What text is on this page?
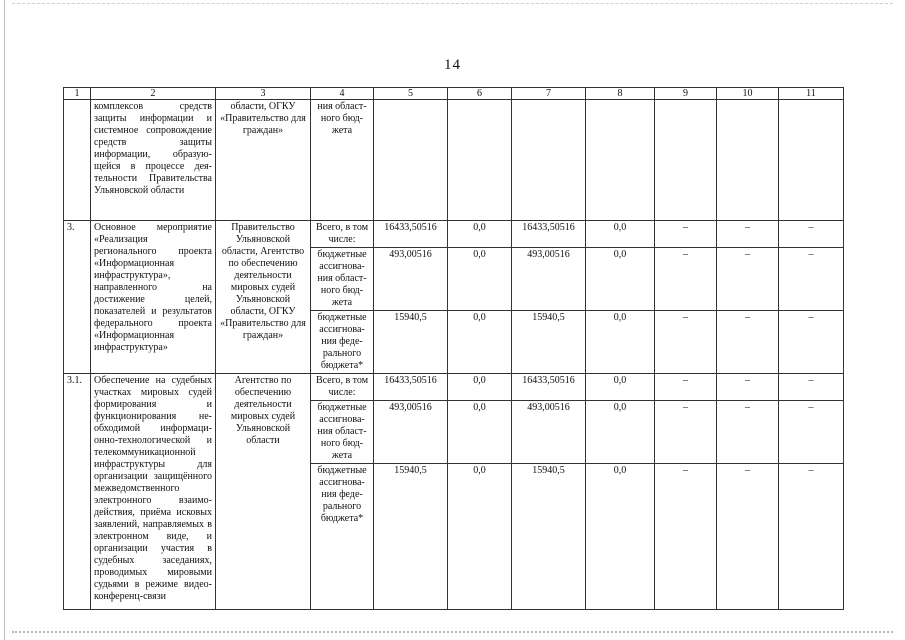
14
1	2	3	4	5	6	7	8	9	10	11
	комплексов средств защиты информации и системное сопровождение средств защиты информации, образующейся в процессе деятельности Правительства Ульяновской области	области, ОГКУ «Правительство для граждан»	ния областного бюджета							
3.	Основное мероприятие «Реализация регионального проекта «Информационная инфраструктура», направленного на достижение целей, показателей и результатов федерального проекта «Информационная инфраструктура»	Правительство Ульяновской области, Агентство по обеспечению деятельности мировых судей Ульяновской области, ОГКУ «Правительство для граждан»	Всего, в том числе:	16433,50516	0,0	16433,50516	0,0	–	–	–
			бюджетные ассигнования областного бюджета	493,00516	0,0	493,00516	0,0	–	–	–
			бюджетные ассигнования федерального бюджета*	15940,5	0,0	15940,5	0,0	–	–	–
3.1.	Обеспечение на судебных участках мировых судей формирования и функционирования необходимой информационно-технологической и телекоммуникационной инфраструктуры для организации защищённого межведомственного электронного взаимодействия, приёма исковых заявлений, направляемых в электронном виде, и организации участия в судебных заседаниях, проводимых мировыми судьями в режиме видео-конференц-связи	Агентство по обеспечению деятельности мировых судей Ульяновской области	Всего, в том числе:	16433,50516	0,0	16433,50516	0,0	–	–	–
			бюджетные ассигнования областного бюджета	493,00516	0,0	493,00516	0,0	–	–	–
			бюджетные ассигнования федерального бюджета*	15940,5	0,0	15940,5	0,0	–	–	–
